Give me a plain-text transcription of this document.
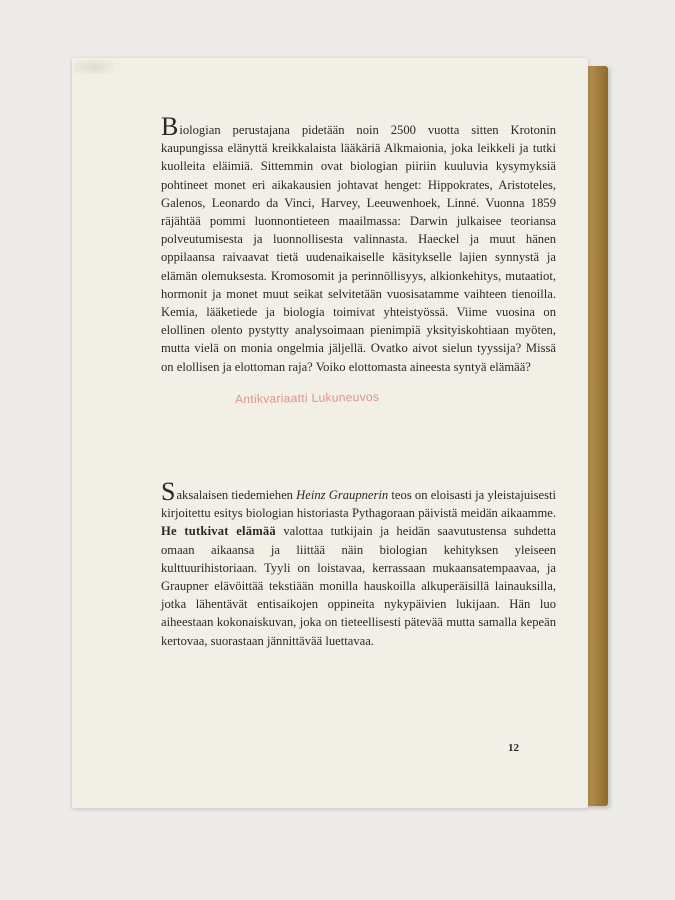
Biologian perustajana pidetään noin 2500 vuotta sitten Krotonin kaupungissa elänyttä kreikkalaista lääkäriä Alkmaionia, joka leikkeli ja tutki kuolleita eläimiä. Sittemmin ovat biologian piiriin kuuluvia kysymyksiä pohtineet monet eri aikakausien johtavat henget: Hippokrates, Aristoteles, Galenos, Leonardo da Vinci, Harvey, Leeuwenhoek, Linné. Vuonna 1859 räjähtää pommi luonnontieteen maailmassa: Darwin julkaisee teoriansa polveutumisesta ja luonnollisesta valinnasta. Haeckel ja muut hänen oppilaansa raivaavat tietä uudenaikaiselle käsitykselle lajien synnystä ja elämän olemuksesta. Kromosomit ja perinnöllisyys, alkionkehitys, mutaatiot, hormonit ja monet muut seikat selvitetään vuosisatamme vaihteen tienoilla. Kemia, lääketiede ja biologia toimivat yhteistyössä. Viime vuosina on elollinen olento pystytty analysoimaan pienimpiä yksityiskohtiaan myöten, mutta vielä on monia ongelmia jäljellä. Ovatko aivot sielun tyyssija? Missä on elollisen ja elottoman raja? Voiko elottomasta aineesta syntyä elämää?

Antikvariaatti Lukuneuvos

Saksalaisen tiedemiehen Heinz Graupnerin teos on eloisasti ja yleistajuisesti kirjoitettu esitys biologian historiasta Pythagoraan päivistä meidän aikaamme. He tutkivat elämää valottaa tutkijain ja heidän saavutustensa suhdetta omaan aikaansa ja liittää näin biologian kehityksen yleiseen kulttuurihistoriaan. Tyyli on loistavaa, kerrassaan mukaansatempaavaa, ja Graupner elävöittää tekstiään monilla hauskoilla alkuperäisillä lainauksilla, jotka lähentävät entisaikojen oppineita nykypäivien lukijaan. Hän luo aiheestaan kokonaiskuvan, joka on tieteellisesti pätevää mutta samalla kepeän kertovaa, suorastaan jännittävää luettavaa.

12
